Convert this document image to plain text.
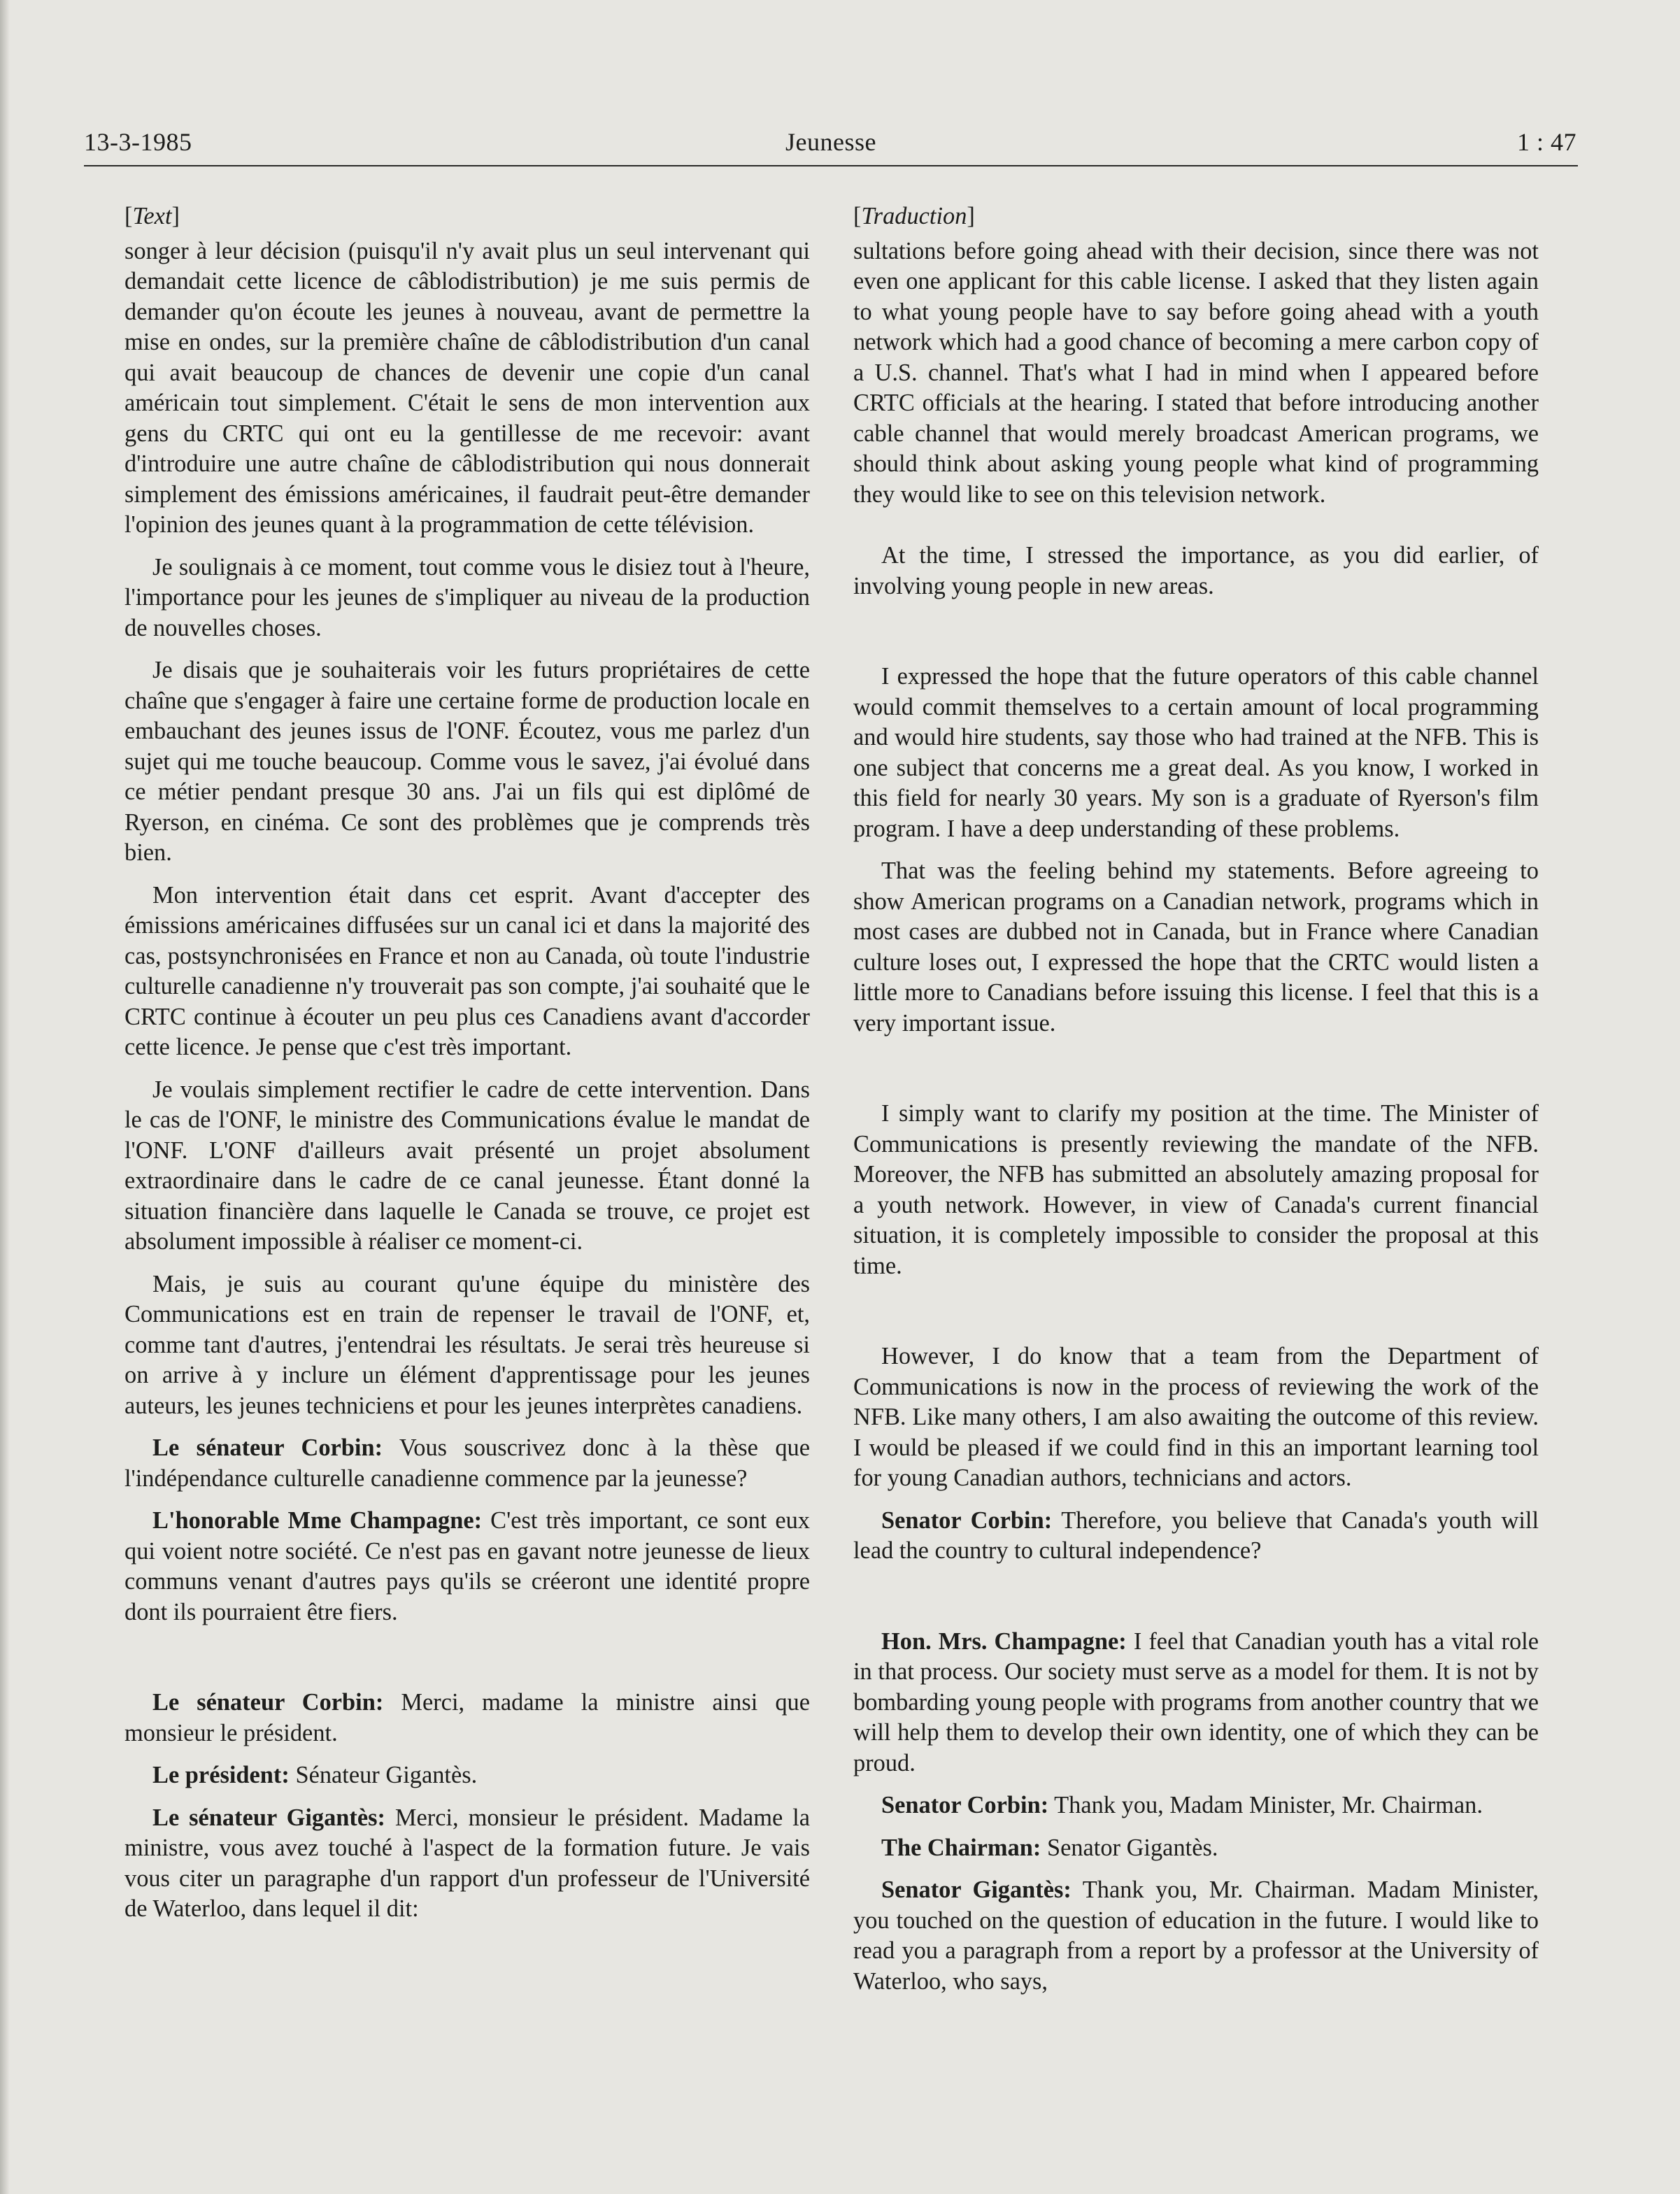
13-3-1985	Jeunesse	1 : 47

[Text]

songer à leur décision (puisqu'il n'y avait plus un seul intervenant qui demandait cette licence de câblodistribution) je me suis permis de demander qu'on écoute les jeunes à nouveau, avant de permettre la mise en ondes, sur la première chaîne de câblodistribution d'un canal qui avait beaucoup de chances de devenir une copie d'un canal américain tout simplement. C'était le sens de mon intervention aux gens du CRTC qui ont eu la gentillesse de me recevoir: avant d'introduire une autre chaîne de câblodistribution qui nous donnerait simplement des émissions américaines, il faudrait peut-être demander l'opinion des jeunes quant à la programmation de cette télévision.

Je soulignais à ce moment, tout comme vous le disiez tout à l'heure, l'importance pour les jeunes de s'impliquer au niveau de la production de nouvelles choses.

Je disais que je souhaiterais voir les futurs propriétaires de cette chaîne que s'engager à faire une certaine forme de production locale en embauchant des jeunes issus de l'ONF. Écoutez, vous me parlez d'un sujet qui me touche beaucoup. Comme vous le savez, j'ai évolué dans ce métier pendant presque 30 ans. J'ai un fils qui est diplômé de Ryerson, en cinéma. Ce sont des problèmes que je comprends très bien.

Mon intervention était dans cet esprit. Avant d'accepter des émissions américaines diffusées sur un canal ici et dans la majorité des cas, postsynchronisées en France et non au Canada, où toute l'industrie culturelle canadienne n'y trouverait pas son compte, j'ai souhaité que le CRTC continue à écouter un peu plus ces Canadiens avant d'accorder cette licence. Je pense que c'est très important.

Je voulais simplement rectifier le cadre de cette intervention. Dans le cas de l'ONF, le ministre des Communications évalue le mandat de l'ONF. L'ONF d'ailleurs avait présenté un projet absolument extraordinaire dans le cadre de ce canal jeunesse. Étant donné la situation financière dans laquelle le Canada se trouve, ce projet est absolument impossible à réaliser ce moment-ci.

Mais, je suis au courant qu'une équipe du ministère des Communications est en train de repenser le travail de l'ONF, et, comme tant d'autres, j'entendrai les résultats. Je serai très heureuse si on arrive à y inclure un élément d'apprentissage pour les jeunes auteurs, les jeunes techniciens et pour les jeunes interprètes canadiens.

Le sénateur Corbin: Vous souscrivez donc à la thèse que l'indépendance culturelle canadienne commence par la jeunesse?

L'honorable Mme Champagne: C'est très important, ce sont eux qui voient notre société. Ce n'est pas en gavant notre jeunesse de lieux communs venant d'autres pays qu'ils se créeront une identité propre dont ils pourraient être fiers.

Le sénateur Corbin: Merci, madame la ministre ainsi que monsieur le président.

Le président: Sénateur Gigantès.

Le sénateur Gigantès: Merci, monsieur le président. Madame la ministre, vous avez touché à l'aspect de la formation future. Je vais vous citer un paragraphe d'un rapport d'un professeur de l'Université de Waterloo, dans lequel il dit:

[Traduction]

sultations before going ahead with their decision, since there was not even one applicant for this cable license. I asked that they listen again to what young people have to say before going ahead with a youth network which had a good chance of becoming a mere carbon copy of a U.S. channel. That's what I had in mind when I appeared before CRTC officials at the hearing. I stated that before introducing another cable channel that would merely broadcast American programs, we should think about asking young people what kind of programming they would like to see on this television network.

At the time, I stressed the importance, as you did earlier, of involving young people in new areas.

I expressed the hope that the future operators of this cable channel would commit themselves to a certain amount of local programming and would hire students, say those who had trained at the NFB. This is one subject that concerns me a great deal. As you know, I worked in this field for nearly 30 years. My son is a graduate of Ryerson's film program. I have a deep understanding of these problems.

That was the feeling behind my statements. Before agreeing to show American programs on a Canadian network, programs which in most cases are dubbed not in Canada, but in France where Canadian culture loses out, I expressed the hope that the CRTC would listen a little more to Canadians before issuing this license. I feel that this is a very important issue.

I simply want to clarify my position at the time. The Minister of Communications is presently reviewing the mandate of the NFB. Moreover, the NFB has submitted an absolutely amazing proposal for a youth network. However, in view of Canada's current financial situation, it is completely impossible to consider the proposal at this time.

However, I do know that a team from the Department of Communications is now in the process of reviewing the work of the NFB. Like many others, I am also awaiting the outcome of this review. I would be pleased if we could find in this an important learning tool for young Canadian authors, technicians and actors.

Senator Corbin: Therefore, you believe that Canada's youth will lead the country to cultural independence?

Hon. Mrs. Champagne: I feel that Canadian youth has a vital role in that process. Our society must serve as a model for them. It is not by bombarding young people with programs from another country that we will help them to develop their own identity, one of which they can be proud.

Senator Corbin: Thank you, Madam Minister, Mr. Chairman.

The Chairman: Senator Gigantès.

Senator Gigantès: Thank you, Mr. Chairman. Madam Minister, you touched on the question of education in the future. I would like to read you a paragraph from a report by a professor at the University of Waterloo, who says,
